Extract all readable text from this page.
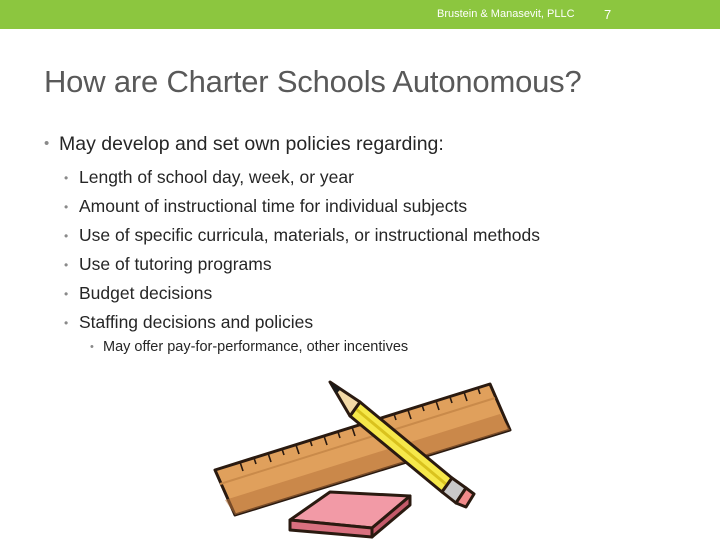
Brustein & Manasevit, PLLC 7
How are Charter Schools Autonomous?
• May develop and set own policies regarding:
• Length of school day, week, or year
• Amount of instructional time for individual subjects
• Use of specific curricula, materials, or instructional methods
• Use of tutoring programs
• Budget decisions
• Staffing decisions and policies
• May offer pay-for-performance, other incentives
